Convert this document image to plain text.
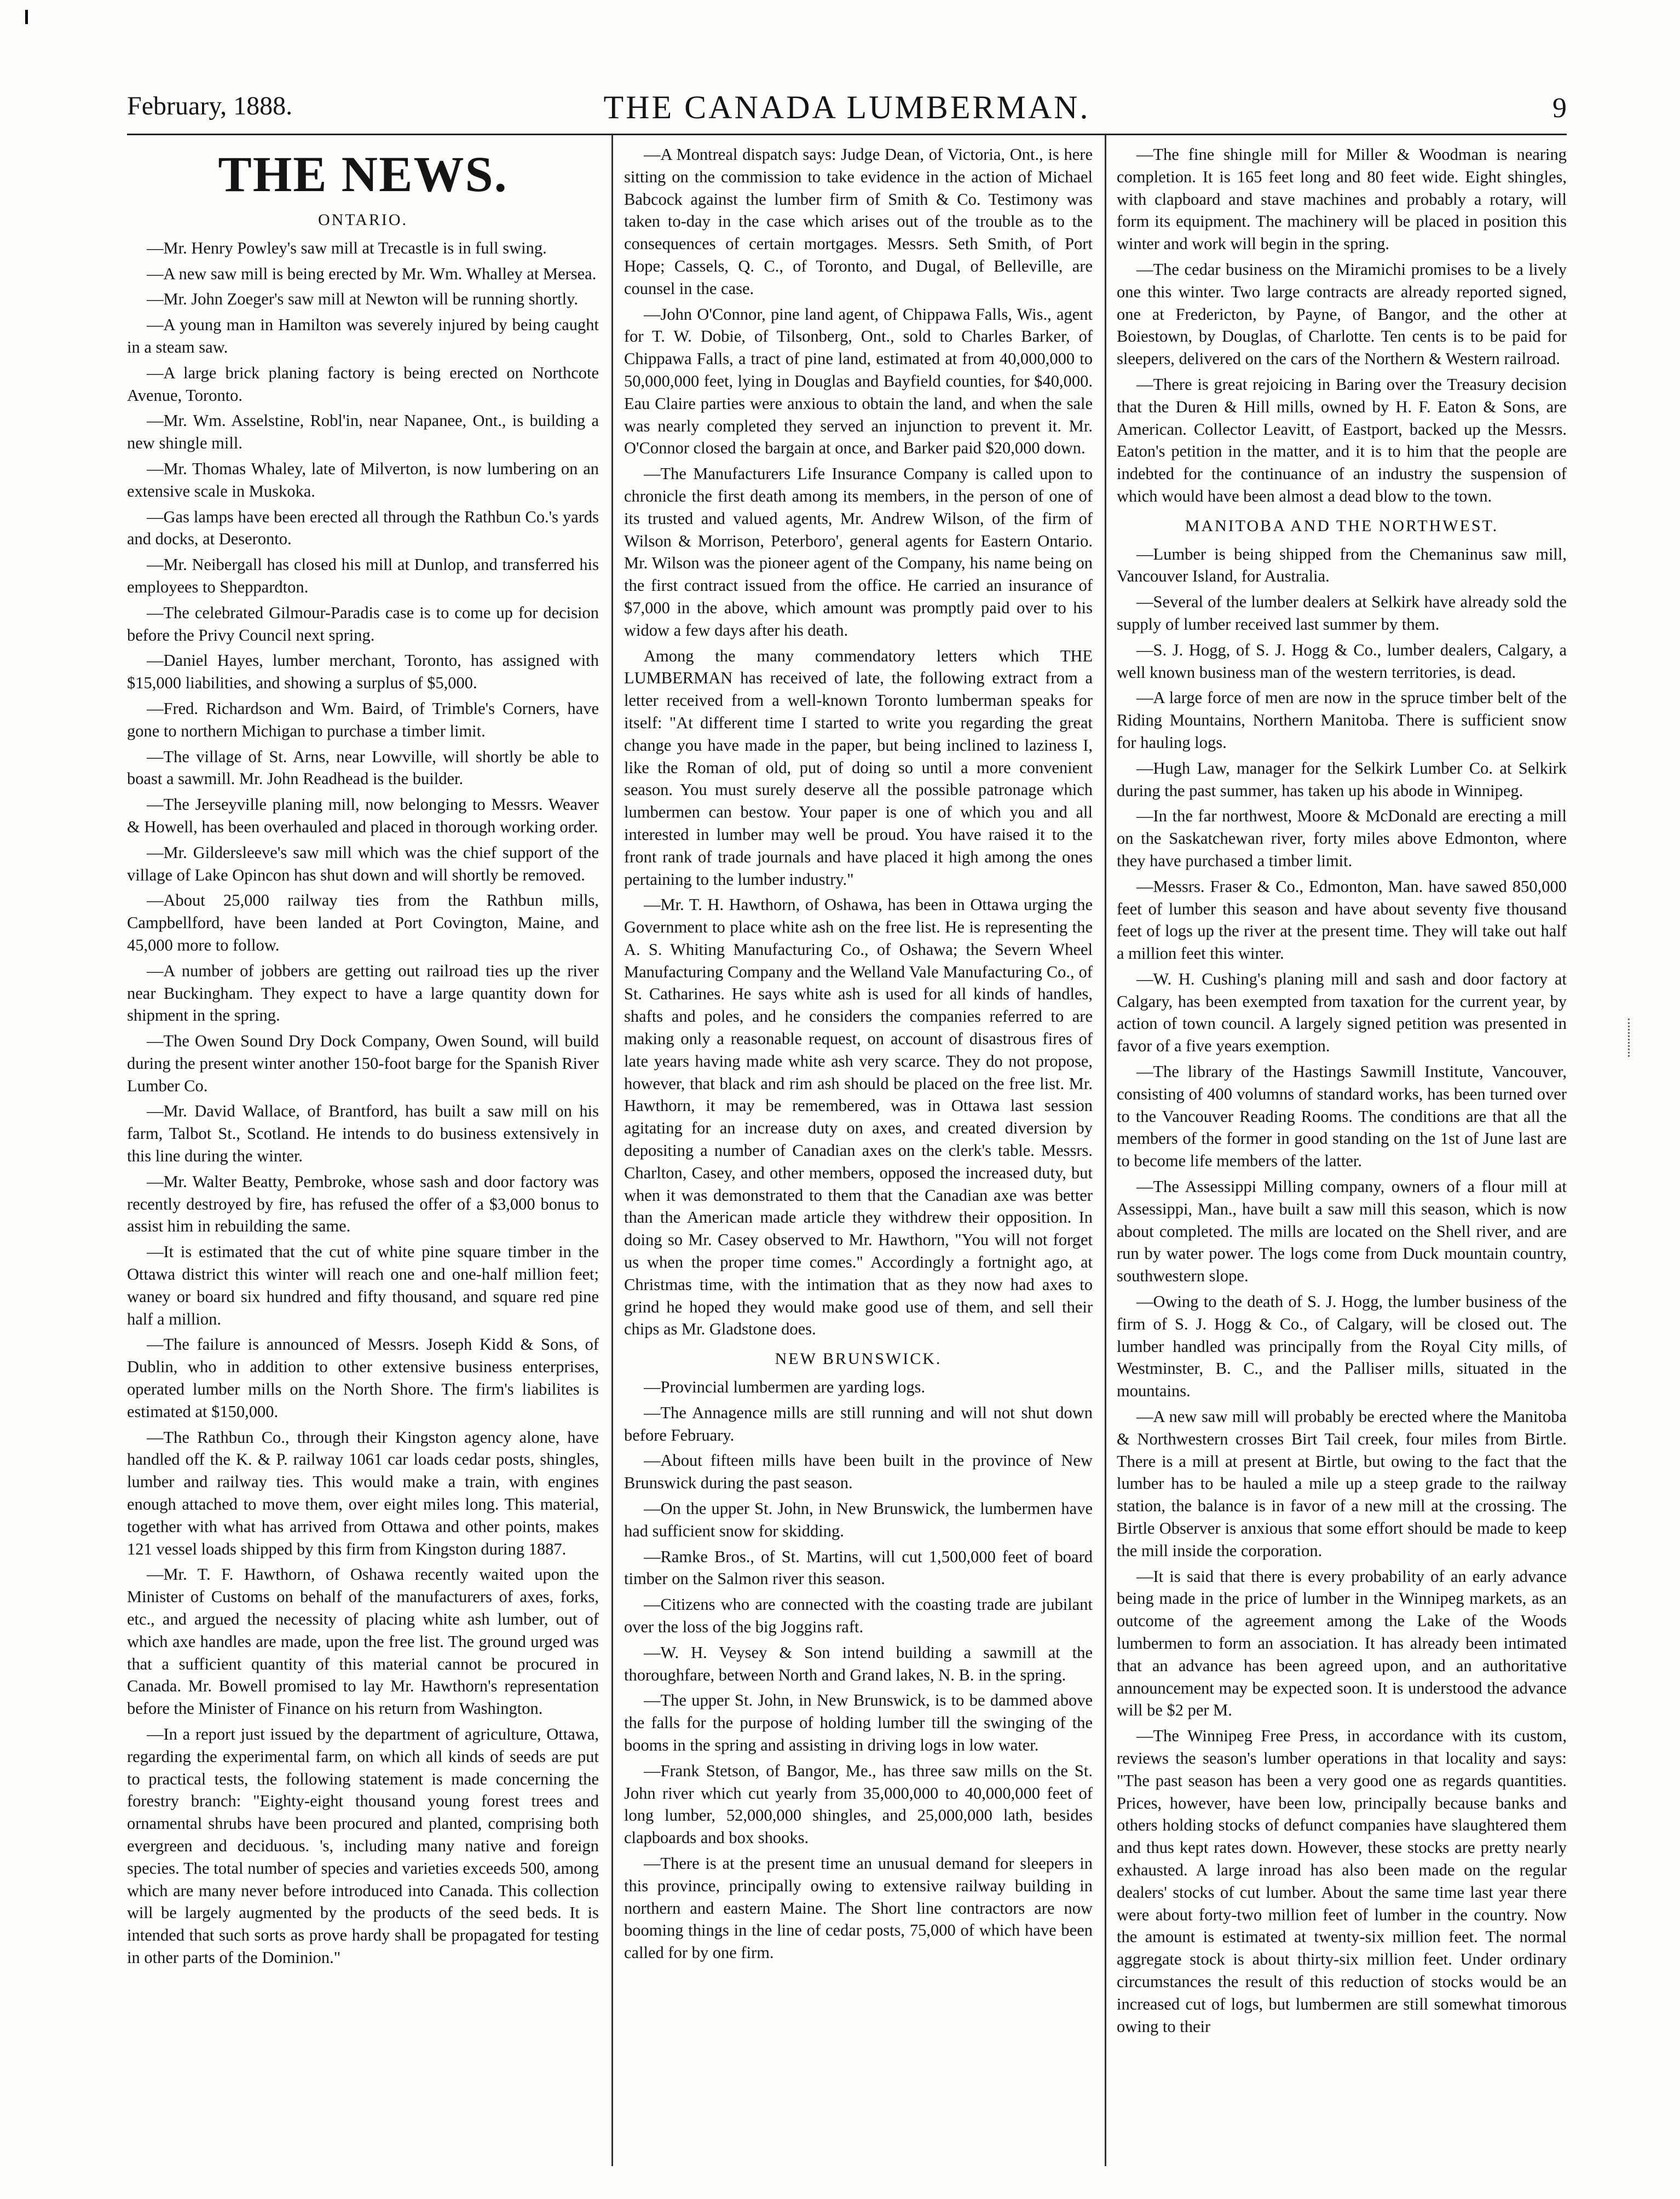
February, 1888.	THE CANADA LUMBERMAN.	9
THE NEWS.
ONTARIO.

—Mr. Henry Powley's saw mill at Trecastle is in full swing.

—A new saw mill is being erected by Mr. Wm. Whalley at Mersea.

—Mr. John Zoeger's saw mill at Newton will be running shortly.

—A young man in Hamilton was severely injured by being caught in a steam saw.

—A large brick planing factory is being erected on Northcote Avenue, Toronto.

—Mr. Wm. Asselstine, Robl'in, near Napanee, Ont., is building a new shingle mill.

—Mr. Thomas Whaley, late of Milverton, is now lumbering on an extensive scale in Muskoka.

—Gas lamps have been erected all through the Rathbun Co.'s yards and docks, at Deseronto.

—Mr. Neibergall has closed his mill at Dunlop, and transferred his employees to Sheppardton.

—The celebrated Gilmour-Paradis case is to come up for decision before the Privy Council next spring.

—Daniel Hayes, lumber merchant, Toronto, has assigned with $15,000 liabilities, and showing a surplus of $5,000.

—Fred. Richardson and Wm. Baird, of Trimble's Corners, have gone to northern Michigan to purchase a timber limit.

—The village of St. Arns, near Lowville, will shortly be able to boast a sawmill. Mr. John Readhead is the builder.

—The Jerseyville planing mill, now belonging to Messrs. Weaver & Howell, has been overhauled and placed in thorough working order.

—Mr. Gildersleeve's saw mill which was the chief support of the village of Lake Opincon has shut down and will shortly be removed.

—About 25,000 railway ties from the Rathbun mills, Campbellford, have been landed at Port Covington, Maine, and 45,000 more to follow.

—A number of jobbers are getting out railroad ties up the river near Buckingham. They expect to have a large quantity down for shipment in the spring.

—The Owen Sound Dry Dock Company, Owen Sound, will build during the present winter another 150-foot barge for the Spanish River Lumber Co.

—Mr. David Wallace, of Brantford, has built a saw mill on his farm, Talbot St., Scotland. He intends to do business extensively in this line during the winter.

—Mr. Walter Beatty, Pembroke, whose sash and door factory was recently destroyed by fire, has refused the offer of a $3,000 bonus to assist him in rebuilding the same.

—It is estimated that the cut of white pine square timber in the Ottawa district this winter will reach one and one-half million feet; waney or board six hundred and fifty thousand, and square red pine half a million.

—The failure is announced of Messrs. Joseph Kidd & Sons, of Dublin, who in addition to other extensive business enterprises, operated lumber mills on the North Shore. The firm's liabilites is estimated at $150,000.

—The Rathbun Co., through their Kingston agency alone, have handled off the K. & P. railway 1061 car loads cedar posts, shingles, lumber and railway ties. This would make a train, with engines enough attached to move them, over eight miles long. This material, together with what has arrived from Ottawa and other points, makes 121 vessel loads shipped by this firm from Kingston during 1887.

—Mr. T. F. Hawthorn, of Oshawa recently waited upon the Minister of Customs on behalf of the manufacturers of axes, forks, etc., and argued the necessity of placing white ash lumber, out of which axe handles are made, upon the free list. The ground urged was that a sufficient quantity of this material cannot be procured in Canada. Mr. Bowell promised to lay Mr. Hawthorn's representation before the Minister of Finance on his return from Washington.

—In a report just issued by the department of agriculture, Ottawa, regarding the experimental farm, on which all kinds of seeds are put to practical tests, the following statement is made concerning the forestry branch: "Eighty-eight thousand young forest trees and ornamental shrubs have been procured and planted, comprising both evergreen and deciduous. 's, including many native and foreign species. The total number of species and varieties exceeds 500, among which are many never before introduced into Canada. This collection will be largely augmented by the products of the seed beds. It is intended that such sorts as prove hardy shall be propagated for testing in other parts of the Dominion."

—A Montreal dispatch says: Judge Dean, of Victoria, Ont., is here sitting on the commission to take evidence in the action of Michael Babcock against the lumber firm of Smith & Co. Testimony was taken to-day in the case which arises out of the trouble as to the consequences of certain mortgages. Messrs. Seth Smith, of Port Hope; Cassels, Q. C., of Toronto, and Dugal, of Belleville, are counsel in the case.

—John O'Connor, pine land agent, of Chippawa Falls, Wis., agent for T. W. Dobie, of Tilsonberg, Ont., sold to Charles Barker, of Chippawa Falls, a tract of pine land, estimated at from 40,000,000 to 50,000,000 feet, lying in Douglas and Bayfield counties, for $40,000. Eau Claire parties were anxious to obtain the land, and when the sale was nearly completed they served an injunction to prevent it. Mr. O'Connor closed the bargain at once, and Barker paid $20,000 down.

—The Manufacturers Life Insurance Company is called upon to chronicle the first death among its members, in the person of one of its trusted and valued agents, Mr. Andrew Wilson, of the firm of Wilson & Morrison, Peterboro', general agents for Eastern Ontario. Mr. Wilson was the pioneer agent of the Company, his name being on the first contract issued from the office. He carried an insurance of $7,000 in the above, which amount was promptly paid over to his widow a few days after his death.

Among the many commendatory letters which THE LUMBERMAN has received of late, the following extract from a letter received from a well-known Toronto lumberman speaks for itself: "At different time I started to write you regarding the great change you have made in the paper, but being inclined to laziness I, like the Roman of old, put of doing so until a more convenient season. You must surely deserve all the possible patronage which lumbermen can bestow. Your paper is one of which you and all interested in lumber may well be proud. You have raised it to the front rank of trade journals and have placed it high among the ones pertaining to the lumber industry."

—Mr. T. H. Hawthorn, of Oshawa, has been in Ottawa urging the Government to place white ash on the free list. He is representing the A. S. Whiting Manufacturing Co., of Oshawa; the Severn Wheel Manufacturing Company and the Welland Vale Manufacturing Co., of St. Catharines. He says white ash is used for all kinds of handles, shafts and poles, and he considers the companies referred to are making only a reasonable request, on account of disastrous fires of late years having made white ash very scarce. They do not propose, however, that black and rim ash should be placed on the free list. Mr. Hawthorn, it may be remembered, was in Ottawa last session agitating for an increase duty on axes, and created diversion by depositing a number of Canadian axes on the clerk's table. Messrs. Charlton, Casey, and other members, opposed the increased duty, but when it was demonstrated to them that the Canadian axe was better than the American made article they withdrew their opposition. In doing so Mr. Casey observed to Mr. Hawthorn, "You will not forget us when the proper time comes." Accordingly a fortnight ago, at Christmas time, with the intimation that as they now had axes to grind he hoped they would make good use of them, and sell their chips as Mr. Gladstone does.

NEW BRUNSWICK.

—Provincial lumbermen are yarding logs.

—The Annagence mills are still running and will not shut down before February.

—About fifteen mills have been built in the province of New Brunswick during the past season.

—On the upper St. John, in New Brunswick, the lumbermen have had sufficient snow for skidding.

—Ramke Bros., of St. Martins, will cut 1,500,000 feet of board timber on the Salmon river this season.

—Citizens who are connected with the coasting trade are jubilant over the loss of the big Joggins raft.

—W. H. Veysey & Son intend building a sawmill at the thoroughfare, between North and Grand lakes, N. B. in the spring.

—The upper St. John, in New Brunswick, is to be dammed above the falls for the purpose of holding lumber till the swinging of the booms in the spring and assisting in driving logs in low water.

—Frank Stetson, of Bangor, Me., has three saw mills on the St. John river which cut yearly from 35,000,000 to 40,000,000 feet of long lumber, 52,000,000 shingles, and 25,000,000 lath, besides clapboards and box shooks.

—There is at the present time an unusual demand for sleepers in this province, principally owing to extensive railway building in northern and eastern Maine. The Short line contractors are now booming things in the line of cedar posts, 75,000 of which have been called for by one firm.

—The fine shingle mill for Miller & Woodman is nearing completion. It is 165 feet long and 80 feet wide. Eight shingles, with clapboard and stave machines and probably a rotary, will form its equipment. The machinery will be placed in position this winter and work will begin in the spring.

—The cedar business on the Miramichi promises to be a lively one this winter. Two large contracts are already reported signed, one at Fredericton, by Payne, of Bangor, and the other at Boiestown, by Douglas, of Charlotte. Ten cents is to be paid for sleepers, delivered on the cars of the Northern & Western railroad.

—There is great rejoicing in Baring over the Treasury decision that the Duren & Hill mills, owned by H. F. Eaton & Sons, are American. Collector Leavitt, of Eastport, backed up the Messrs. Eaton's petition in the matter, and it is to him that the people are indebted for the continuance of an industry the suspension of which would have been almost a dead blow to the town.

MANITOBA AND THE NORTHWEST.

—Lumber is being shipped from the Chemaninus saw mill, Vancouver Island, for Australia.

—Several of the lumber dealers at Selkirk have already sold the supply of lumber received last summer by them.

—S. J. Hogg, of S. J. Hogg & Co., lumber dealers, Calgary, a well known business man of the western territories, is dead.

—A large force of men are now in the spruce timber belt of the Riding Mountains, Northern Manitoba. There is sufficient snow for hauling logs.

—Hugh Law, manager for the Selkirk Lumber Co. at Selkirk during the past summer, has taken up his abode in Winnipeg.

—In the far northwest, Moore & McDonald are erecting a mill on the Saskatchewan river, forty miles above Edmonton, where they have purchased a timber limit.

—Messrs. Fraser & Co., Edmonton, Man. have sawed 850,000 feet of lumber this season and have about seventy five thousand feet of logs up the river at the present time. They will take out half a million feet this winter.

—W. H. Cushing's planing mill and sash and door factory at Calgary, has been exempted from taxation for the current year, by action of town council. A largely signed petition was presented in favor of a five years exemption.

—The library of the Hastings Sawmill Institute, Vancouver, consisting of 400 volumns of standard works, has been turned over to the Vancouver Reading Rooms. The conditions are that all the members of the former in good standing on the 1st of June last are to become life members of the latter.

—The Assessippi Milling company, owners of a flour mill at Assessippi, Man., have built a saw mill this season, which is now about completed. The mills are located on the Shell river, and are run by water power. The logs come from Duck mountain country, southwestern slope.

—Owing to the death of S. J. Hogg, the lumber business of the firm of S. J. Hogg & Co., of Calgary, will be closed out. The lumber handled was principally from the Royal City mills, of Westminster, B. C., and the Palliser mills, situated in the mountains.

—A new saw mill will probably be erected where the Manitoba & Northwestern crosses Birt Tail creek, four miles from Birtle. There is a mill at present at Birtle, but owing to the fact that the lumber has to be hauled a mile up a steep grade to the railway station, the balance is in favor of a new mill at the crossing. The Birtle Observer is anxious that some effort should be made to keep the mill inside the corporation.

—It is said that there is every probability of an early advance being made in the price of lumber in the Winnipeg markets, as an outcome of the agreement among the Lake of the Woods lumbermen to form an association. It has already been intimated that an advance has been agreed upon, and an authoritative announcement may be expected soon. It is understood the advance will be $2 per M.

—The Winnipeg Free Press, in accordance with its custom, reviews the season's lumber operations in that locality and says: "The past season has been a very good one as regards quantities. Prices, however, have been low, principally because banks and others holding stocks of defunct companies have slaughtered them and thus kept rates down. However, these stocks are pretty nearly exhausted. A large inroad has also been made on the regular dealers' stocks of cut lumber. About the same time last year there were about forty-two million feet of lumber in the country. Now the amount is estimated at twenty-six million feet. The normal aggregate stock is about thirty-six million feet. Under ordinary circumstances the result of this reduction of stocks would be an increased cut of logs, but lumbermen are still somewhat timorous owing to their
